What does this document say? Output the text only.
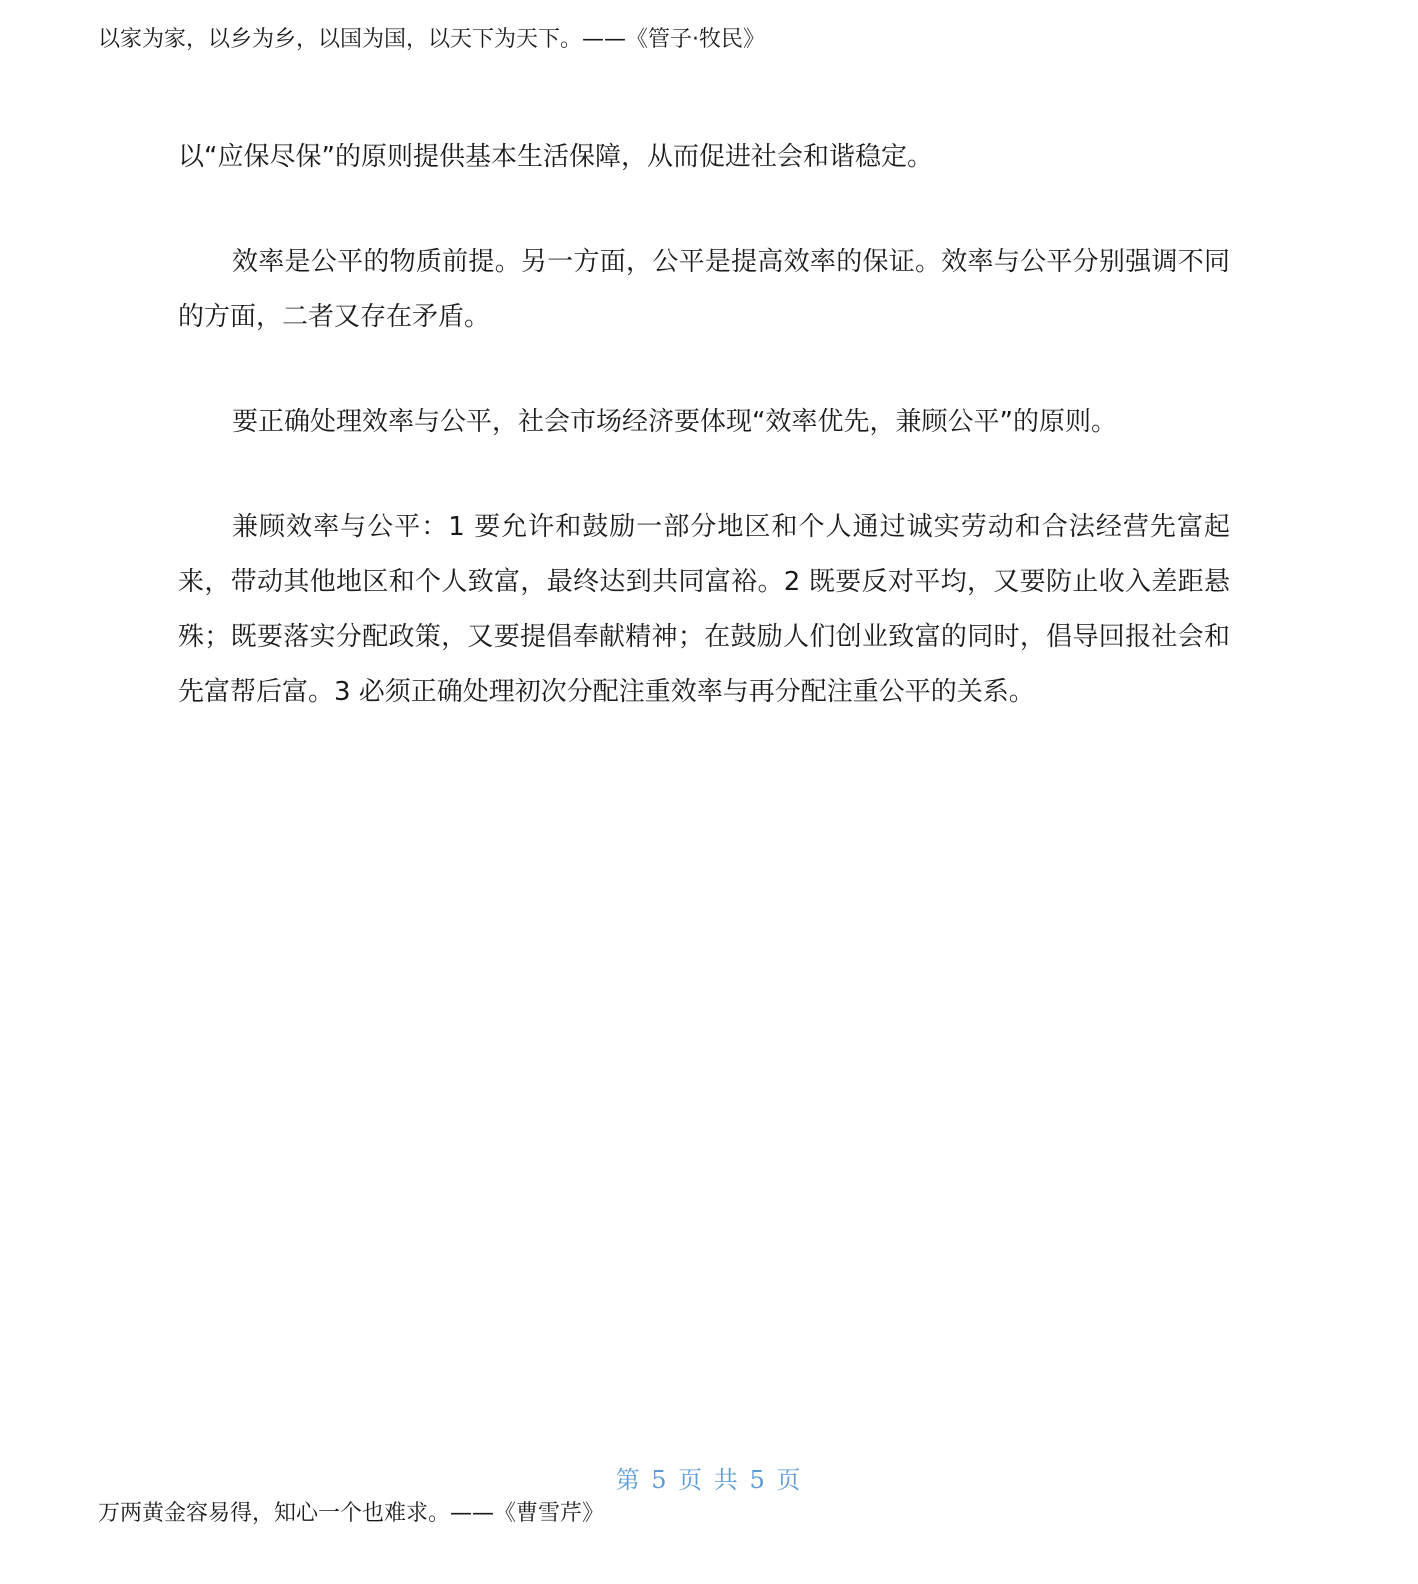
以家为家，以乡为乡，以国为国，以天下为天下。——《管子·牧民》

以“应保尽保”的原则提供基本生活保障，从而促进社会和谐稳定。

效率是公平的物质前提。另一方面，公平是提高效率的保证。效率与公平分别强调不同的方面，二者又存在矛盾。

要正确处理效率与公平，社会市场经济要体现“效率优先，兼顾公平”的原则。

兼顾效率与公平：1 要允许和鼓励一部分地区和个人通过诚实劳动和合法经营先富起来，带动其他地区和个人致富，最终达到共同富裕。2 既要反对平均，又要防止收入差距悬殊；既要落实分配政策，又要提倡奉献精神；在鼓励人们创业致富的同时，倡导回报社会和先富帮后富。3 必须正确处理初次分配注重效率与再分配注重公平的关系。

第 5 页 共 5 页
万两黄金容易得，知心一个也难求。——《曹雪芹》
